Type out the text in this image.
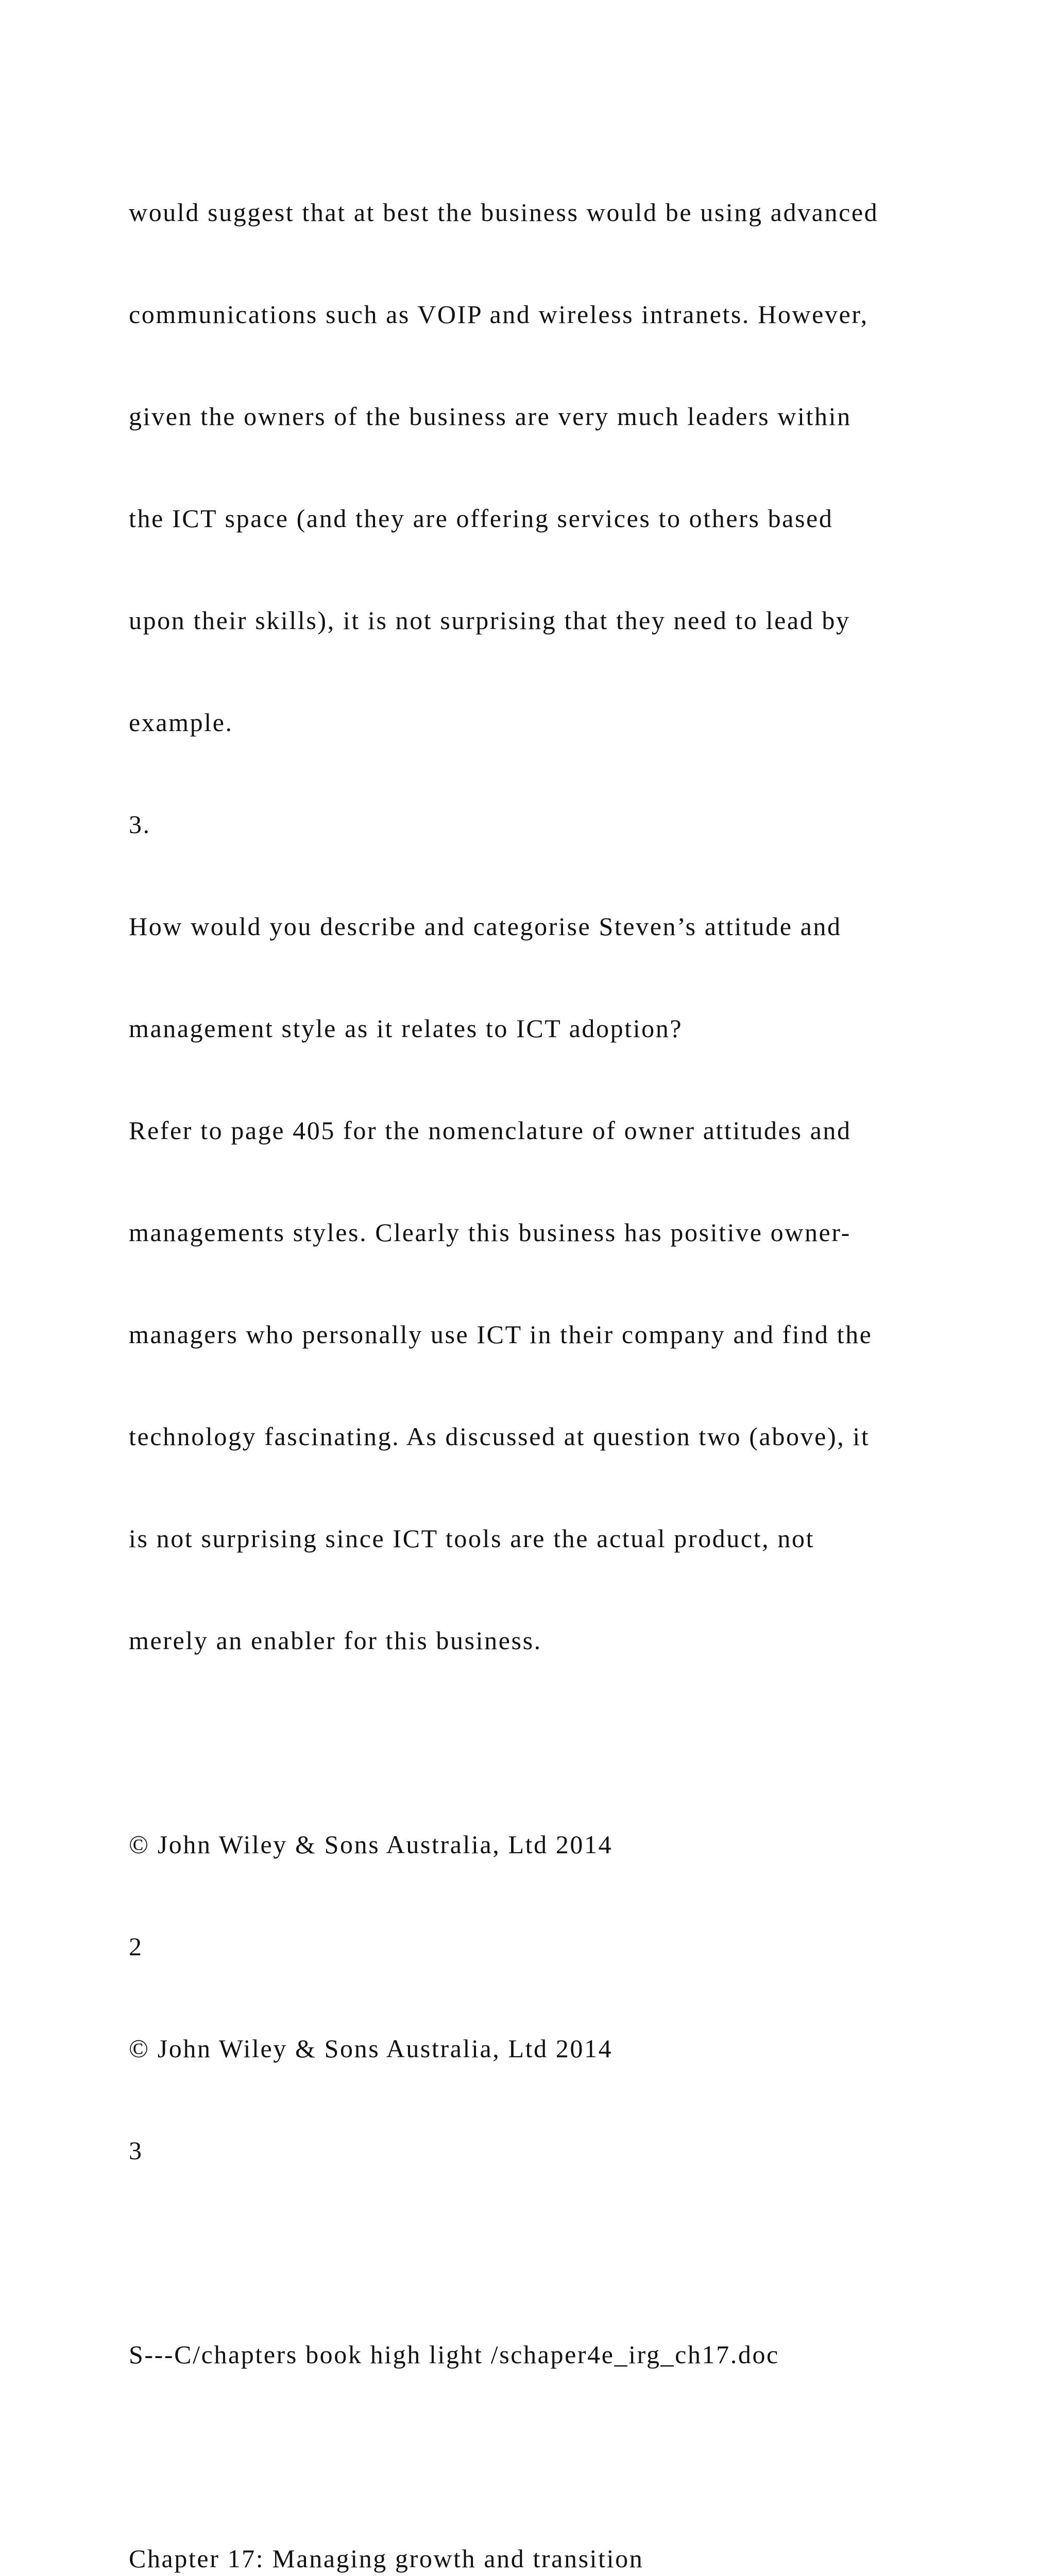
would suggest that at best the business would be using advanced

communications such as VOIP and wireless intranets. However,

given the owners of the business are very much leaders within

the ICT space (and they are offering services to others based

upon their skills), it is not surprising that they need to lead by

example.

3.

How would you describe and categorise Steven’s attitude and

management style as it relates to ICT adoption?

Refer to page 405 for the nomenclature of owner attitudes and

managements styles. Clearly this business has positive owner-

managers who personally use ICT in their company and find the

technology fascinating. As discussed at question two (above), it

is not surprising since ICT tools are the actual product, not

merely an enabler for this business.

© John Wiley & Sons Australia, Ltd 2014

2

© John Wiley & Sons Australia, Ltd 2014

3

S---C/chapters book high light /schaper4e_irg_ch17.doc

Chapter 17: Managing growth and transition
